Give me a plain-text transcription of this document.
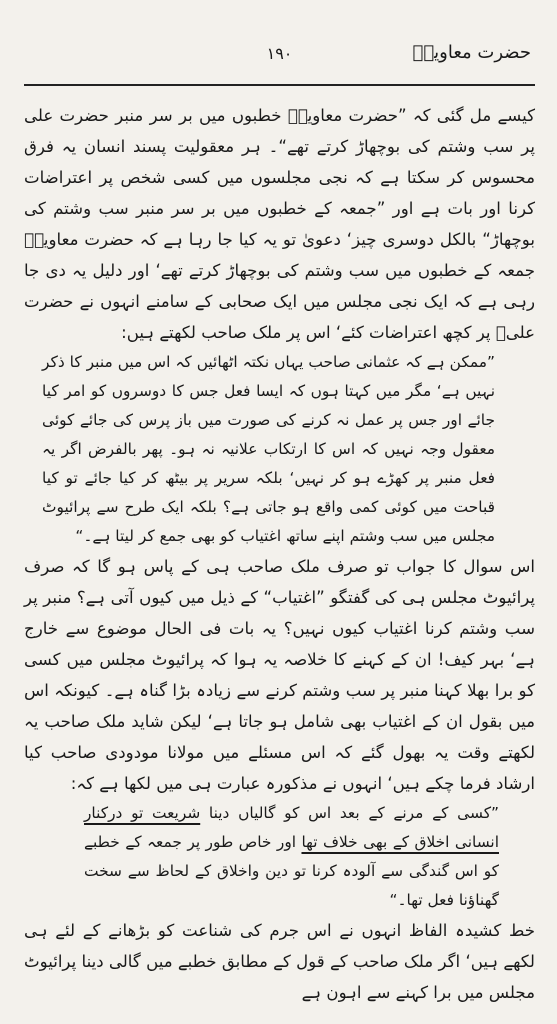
حضرت معاویہؓ
۱۹۰

کیسے مل گئی کہ ”حضرت معاویہؓ خطبوں میں بر سر منبر حضرت علی پر سب وشتم کی بوچھاڑ کرتے تھے“۔ ہر معقولیت پسند انسان یہ فرق محسوس کر سکتا ہے کہ نجی مجلسوں میں کسی شخص پر اعتراضات کرنا اور بات ہے اور ”جمعہ کے خطبوں میں بر سر منبر سب وشتم کی بوچھاڑ“ بالکل دوسری چیز‘ دعویٰ تو یہ کیا جا رہا ہے کہ حضرت معاویہؓ جمعہ کے خطبوں میں سب وشتم کی بوچھاڑ کرتے تھے‘ اور دلیل یہ دی جا رہی ہے کہ ایک نجی مجلس میں ایک صحابی کے سامنے انہوں نے حضرت علیؓ پر کچھ اعتراضات کئے‘ اس پر ملک صاحب لکھتے ہیں:

”ممکن ہے کہ عثمانی صاحب یہاں نکتہ اٹھائیں کہ اس میں منبر کا ذکر نہیں ہے‘ مگر میں کہتا ہوں کہ ایسا فعل جس کا دوسروں کو امر کیا جائے اور جس پر عمل نہ کرنے کی صورت میں باز پرس کی جائے کوئی معقول وجہ نہیں کہ اس کا ارتکاب علانیہ نہ ہو۔ پھر بالفرض اگر یہ فعل منبر پر کھڑے ہو کر نہیں‘ بلکہ سریر پر بیٹھ کر کیا جائے تو کیا قباحت میں کوئی کمی واقع ہو جاتی ہے؟ بلکہ ایک طرح سے پرائیوٹ مجلس میں سب وشتم اپنے ساتھ اغتیاب کو بھی جمع کر لیتا ہے۔“

اس سوال کا جواب تو صرف ملک صاحب ہی کے پاس ہو گا کہ صرف پرائیوٹ مجلس ہی کی گفتگو ”اغتیاب“ کے ذیل میں کیوں آتی ہے؟ منبر پر سب وشتم کرنا اغتیاب کیوں نہیں؟ یہ بات فی الحال موضوع سے خارج ہے‘ بہر کیف! ان کے کہنے کا خلاصہ یہ ہوا کہ پرائیوٹ مجلس میں کسی کو برا بھلا کہنا منبر پر سب وشتم کرنے سے زیادہ بڑا گناہ ہے۔ کیونکہ اس میں بقول ان کے اغتیاب بھی شامل ہو جاتا ہے‘ لیکن شاید ملک صاحب یہ لکھتے وقت یہ بھول گئے کہ اس مسئلے میں مولانا مودودی صاحب کیا ارشاد فرما چکے ہیں‘ انہوں نے مذکورہ عبارت ہی میں لکھا ہے کہ:

”کسی کے مرنے کے بعد اس کو گالیاں دینا شریعت تو درکنار انسانی اخلاق کے بھی خلاف تھا اور خاص طور پر جمعہ کے خطبے کو اس گندگی سے آلودہ کرنا تو دین واخلاق کے لحاظ سے سخت گھناؤنا فعل تھا۔“

خط کشیدہ الفاظ انہوں نے اس جرم کی شناعت کو بڑھانے کے لئے ہی لکھے ہیں‘ اگر ملک صاحب کے قول کے مطابق خطبے میں گالی دینا پرائیوٹ مجلس میں برا کہنے سے اہون ہے
